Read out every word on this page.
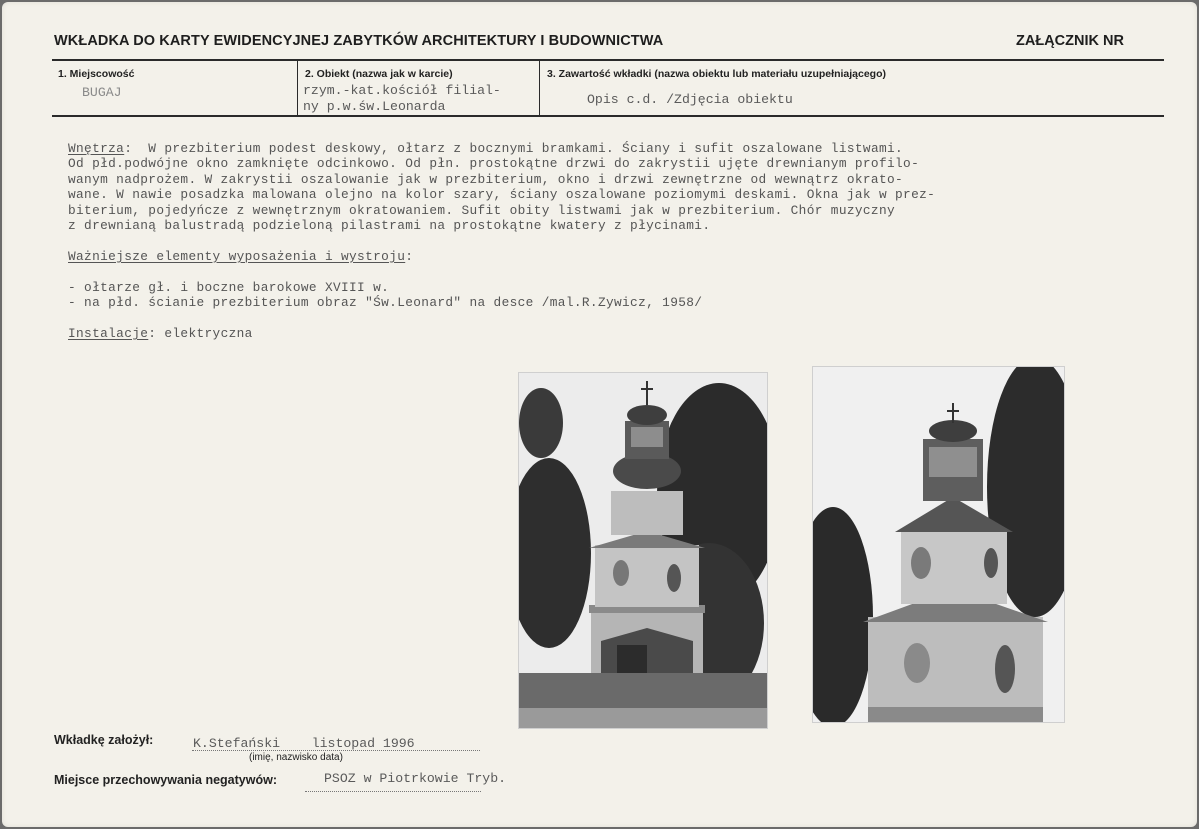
WKŁADKA DO KARTY EWIDENCYJNEJ ZABYTKÓW ARCHITEKTURY I BUDOWNICTWA	ZAŁĄCZNIK NR
1. Miejscowość
BUGAJ
2. Obiekt (nazwa jak w karcie)
rzym.-kat.kościół filial-
ny p.w.św.Leonarda
3. Zawartość wkładki (nazwa obiektu lub materiału uzupełniającego)
Opis c.d. /Zdjęcia obiektu
Wnętrza:  W prezbiterium podest deskowy, ołtarz z bocznymi bramkami. Ściany i sufit oszalowane listwami.
Od płd.podwójne okno zamknięte odcinkowo. Od płn. prostokątne drzwi do zakrystii ujęte drewnianym profilo-
wanym nadprożem. W zakrystii oszalowanie jak w prezbiterium, okno i drzwi zewnętrzne od wewnątrz okrato-
wane. W nawie posadzka malowana olejno na kolor szary, ściany oszalowane poziomymi deskami. Okna jak w prez-
biterium, pojedyńcze z wewnętrznym okratowaniem. Sufit obity listwami jak w prezbiterium. Chór muzyczny
z drewnianą balustradą podzieloną pilastrami na prostokątne kwatery z płycinami.

Ważniejsze elementy wyposażenia i wystroju:

- ołtarze gł. i boczne barokowe XVIII w.
- na płd. ścianie prezbiterium obraz "Św.Leonard" na desce /mal.R.Zywicz, 1958/

Instalacje: elektryczna
Wkładkę założył:	K.Stefański    listopad 1996
(imię, nazwisko data)
Miejsce przechowywania negatywów:	PSOZ w Piotrkowie Tryb.
